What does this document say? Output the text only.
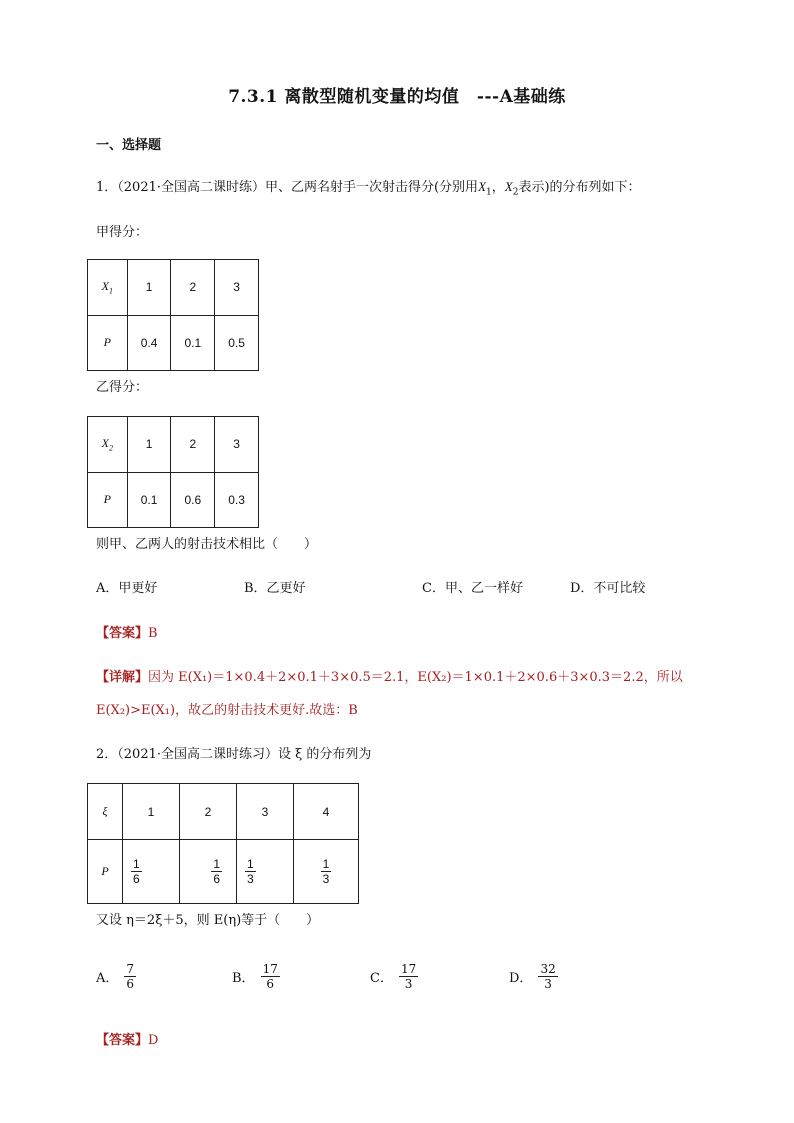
7.3.1 离散型随机变量的均值　---A基础练
一、选择题
1．（2021·全国高二课时练）甲、乙两名射手一次射击得分(分别用$X_1$，$X_2$表示)的分布列如下：
甲得分：
$X_1$	1	2	3
P	0.4	0.1	0.5
乙得分：
$X_2$	1	2	3
P	0.1	0.6	0.3
则甲、乙两人的射击技术相比（　　）
A．甲更好	B．乙更好	C．甲、乙一样好	D．不可比较
【答案】B
【详解】因为 E(X₁)＝1×0.4＋2×0.1＋3×0.5＝2.1，E(X₂)＝1×0.1＋2×0.6＋3×0.3＝2.2，所以
E(X₂)>E(X₁)，故乙的射击技术更好.故选：B
2．（2021·全国高二课时练习）设 ξ 的分布列为
ξ	1	2	3	4
P	$\frac{1}{6}$	$\frac{1}{6}$	$\frac{1}{3}$	$\frac{1}{3}$
又设 η＝2ξ＋5，则 E(η)等于（　　）
A． $\frac{7}{6}$	B． $\frac{17}{6}$	C． $\frac{17}{3}$	D． $\frac{32}{3}$
【答案】D
